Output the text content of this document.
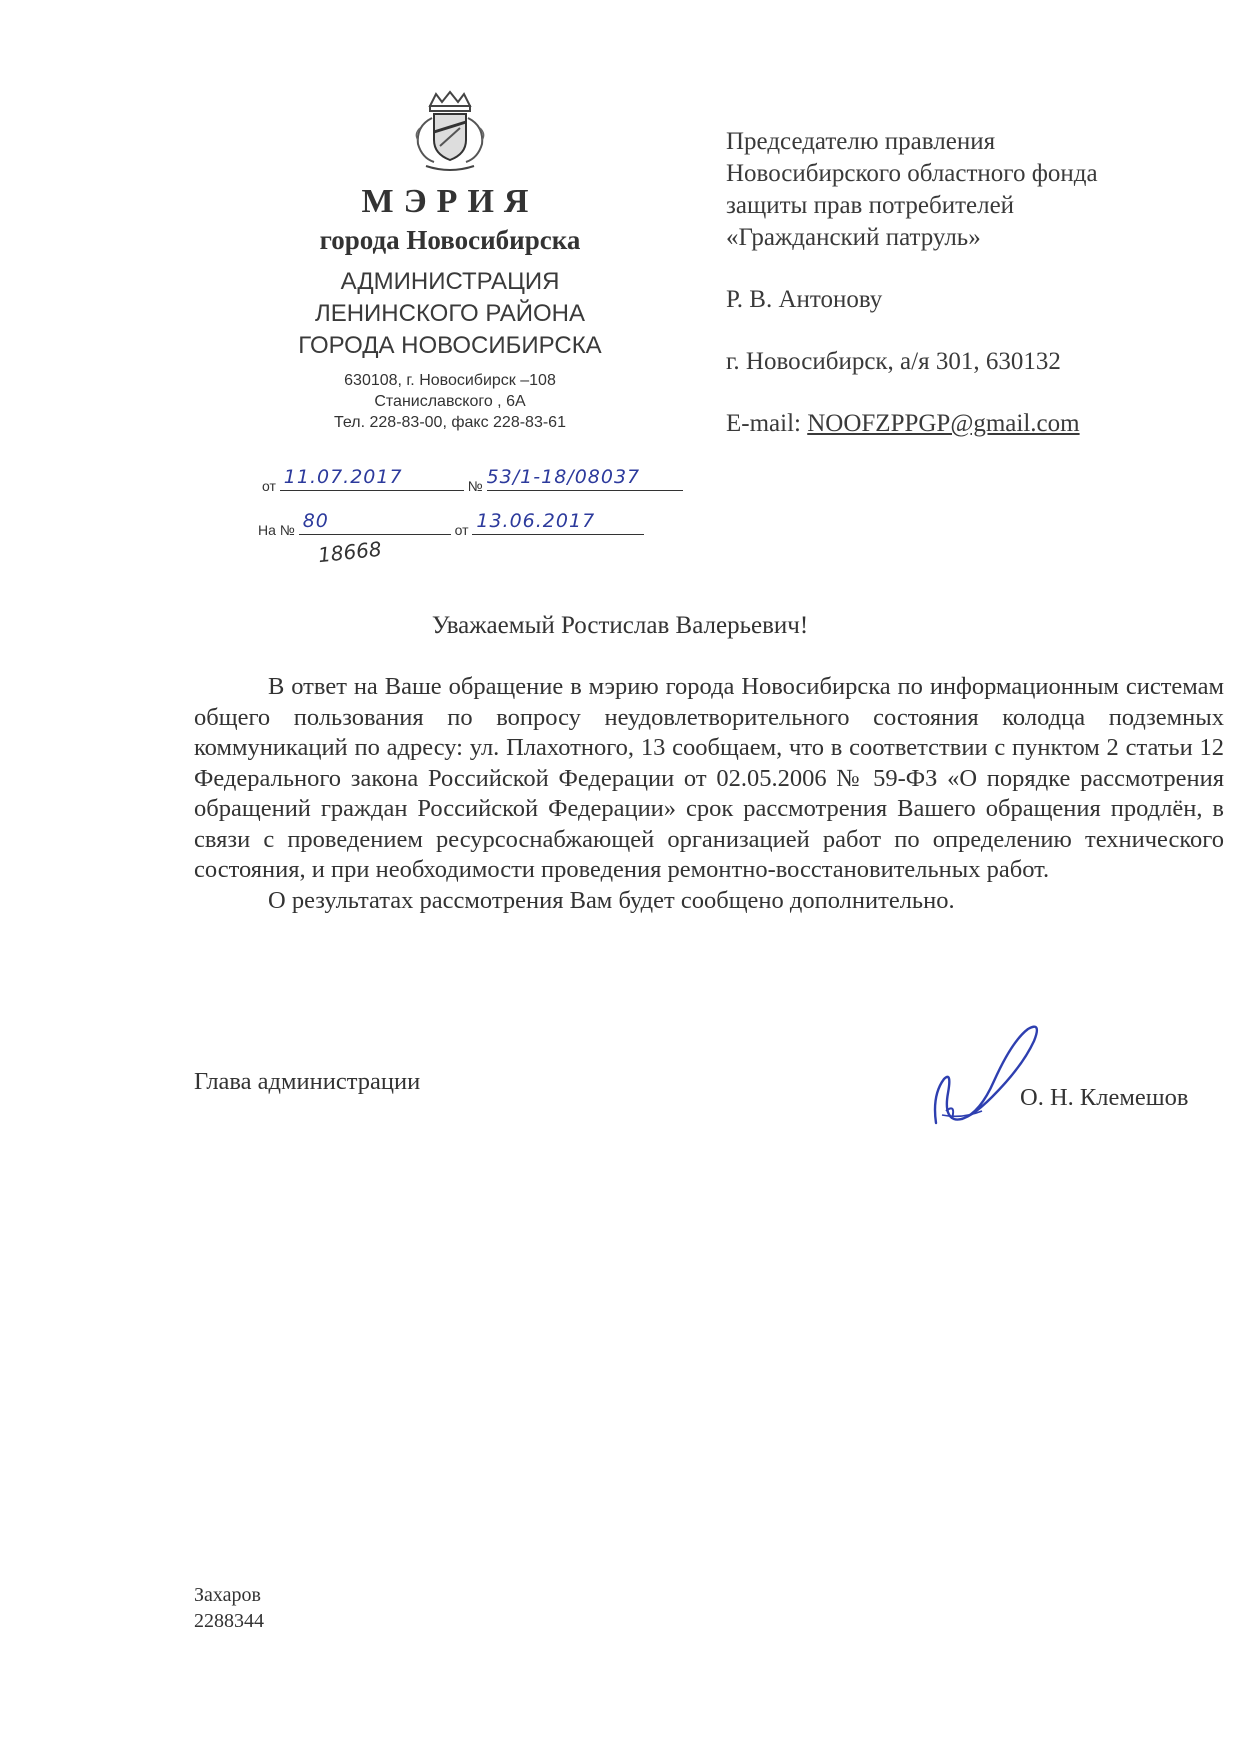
МЭРИЯ
города Новосибирска
АДМИНИСТРАЦИЯ
ЛЕНИНСКОГО РАЙОНА
ГОРОДА НОВОСИБИРСКА
630108, г. Новосибирск –108
Станиславского , 6А
Тел. 228-83-00, факс 228-83-61
от 11.07.2017	№ 53/1-18/08037
На № 80	от 13.06.2017
18668
Председателю правления
Новосибирского областного фонда
защиты прав потребителей
«Гражданский патруль»
Р. В. Антонову
г. Новосибирск, а/я 301, 630132
E-mail: NOOFZPPGP@gmail.com
Уважаемый Ростислав Валерьевич!

В ответ на Ваше обращение в мэрию города Новосибирска по информационным системам общего пользования по вопросу неудовлетворительного состояния колодца подземных коммуникаций по адресу: ул. Плахотного, 13 сообщаем, что в соответствии с пунктом 2 статьи 12 Федерального закона Российской Федерации от 02.05.2006 № 59-ФЗ «О порядке рассмотрения обращений граждан Российской Федерации» срок рассмотрения Вашего обращения продлён, в связи с проведением ресурсоснабжающей организацией работ по определению технического состояния, и при необходимости проведения ремонтно-восстановительных работ.

О результатах рассмотрения Вам будет сообщено дополнительно.

Глава администрации
О. Н. Клемешов
Захаров
2288344
